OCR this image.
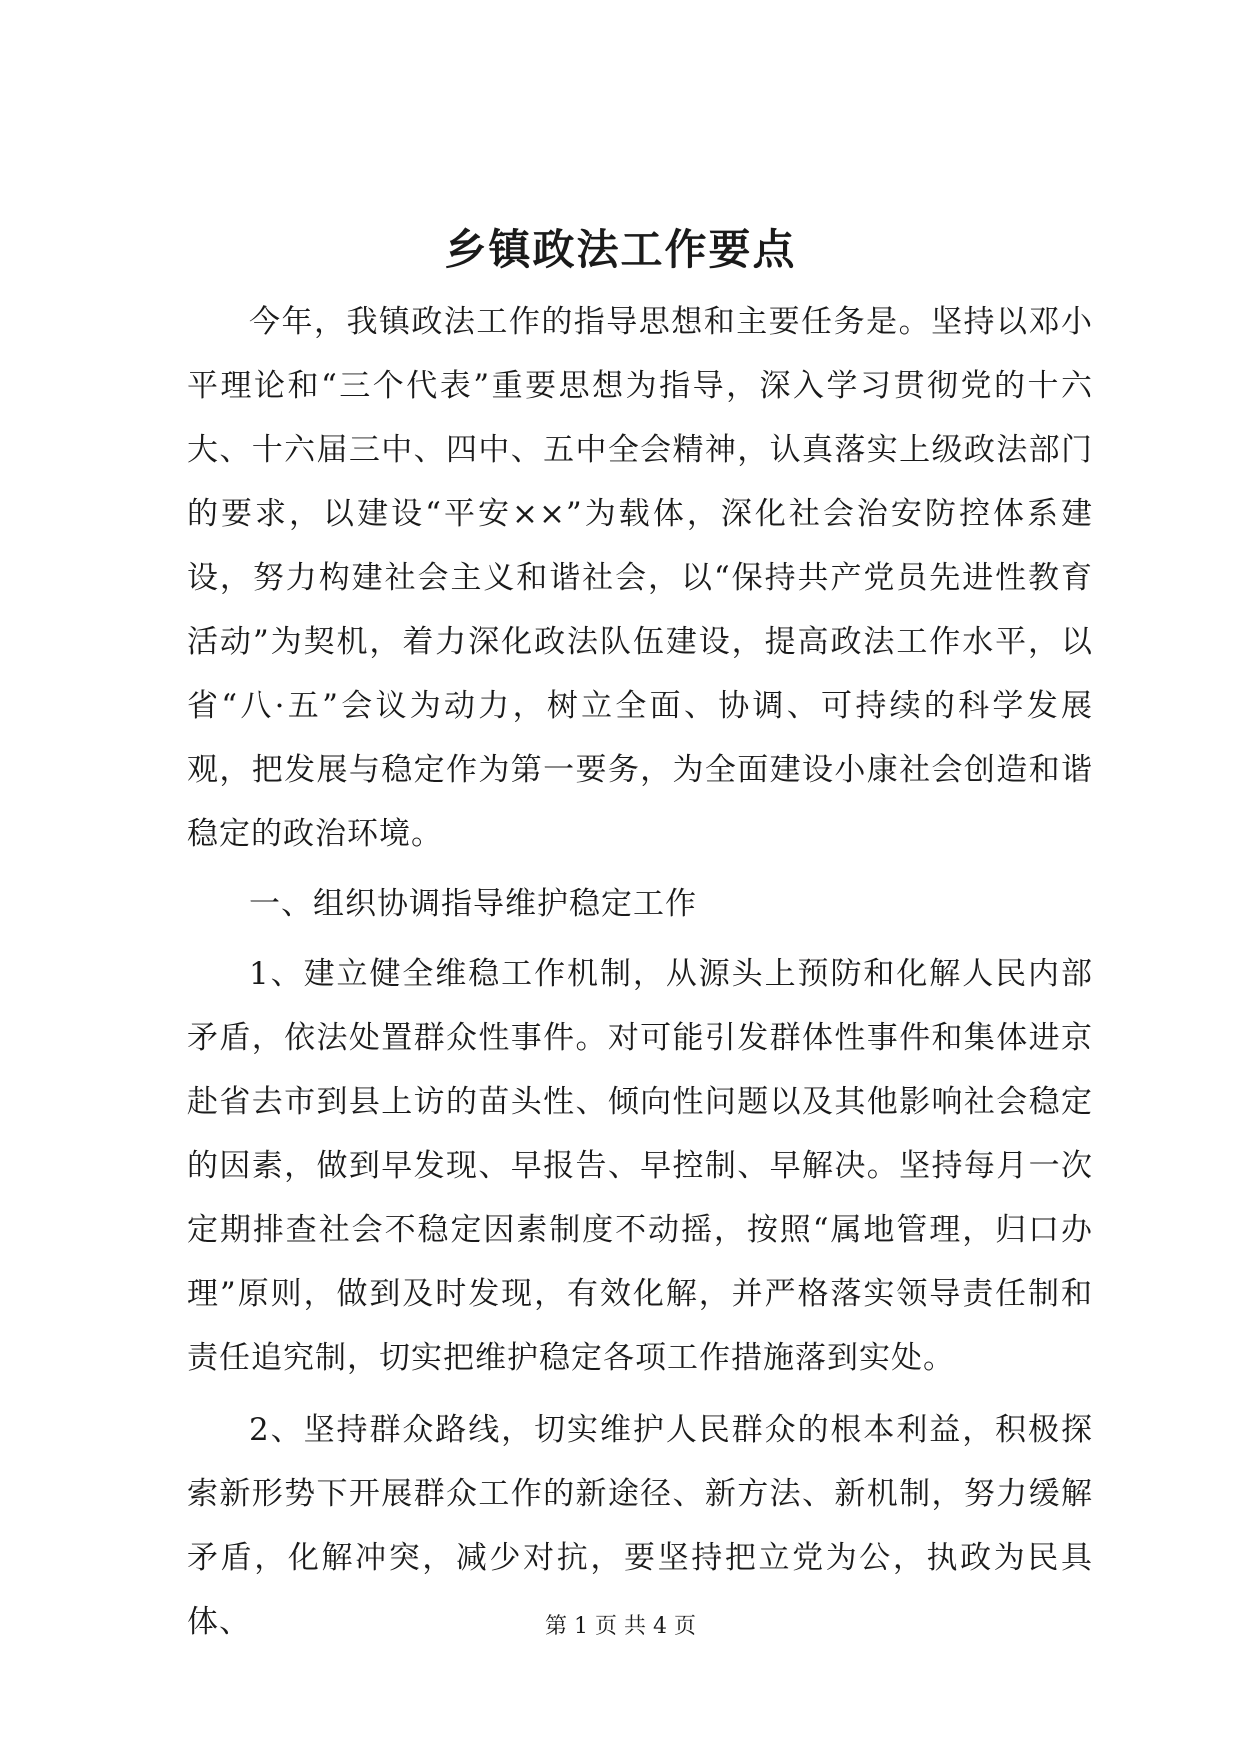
乡镇政法工作要点

今年，我镇政法工作的指导思想和主要任务是。坚持以邓小平理论和“三个代表”重要思想为指导，深入学习贯彻党的十六大、十六届三中、四中、五中全会精神，认真落实上级政法部门的要求，以建设“平安××”为载体，深化社会治安防控体系建设，努力构建社会主义和谐社会，以“保持共产党员先进性教育活动”为契机，着力深化政法队伍建设，提高政法工作水平，以省“八·五”会议为动力，树立全面、协调、可持续的科学发展观，把发展与稳定作为第一要务，为全面建设小康社会创造和谐稳定的政治环境。

一、组织协调指导维护稳定工作

1、建立健全维稳工作机制，从源头上预防和化解人民内部矛盾，依法处置群众性事件。对可能引发群体性事件和集体进京赴省去市到县上访的苗头性、倾向性问题以及其他影响社会稳定的因素，做到早发现、早报告、早控制、早解决。坚持每月一次定期排查社会不稳定因素制度不动摇，按照“属地管理，归口办理”原则，做到及时发现，有效化解，并严格落实领导责任制和责任追究制，切实把维护稳定各项工作措施落到实处。

2、坚持群众路线，切实维护人民群众的根本利益，积极探索新形势下开展群众工作的新途径、新方法、新机制，努力缓解矛盾，化解冲突，减少对抗，要坚持把立党为公，执政为民具体、	第 1 页 共 4 页
